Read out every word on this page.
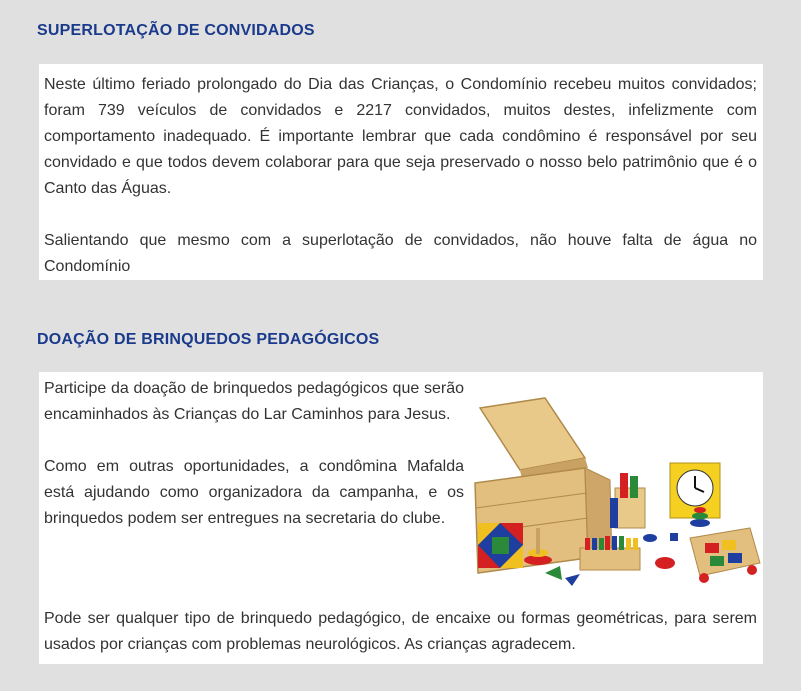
SUPERLOTAÇÃO DE CONVIDADOS

Neste último feriado prolongado do Dia das Crianças, o Condomínio recebeu muitos convidados; foram 739 veículos de convidados e 2217 convidados, muitos destes, infelizmente com comportamento inadequado. É importante lembrar que cada condômino é responsável por seu convidado e que todos devem colaborar para que seja preservado o nosso belo patrimônio que é o Canto das Águas.

Salientando que mesmo com a superlotação de convidados, não houve falta de água no Condomínio

DOAÇÃO DE BRINQUEDOS PEDAGÓGICOS

Participe da doação de brinquedos pedagógicos que serão encaminhados às Crianças do Lar Caminhos para Jesus.

Como em outras oportunidades, a condômina Mafalda está ajudando como organizadora da campanha, e os brinquedos podem ser entregues na secretaria do clube.

Pode ser qualquer tipo de brinquedo pedagógico, de encaixe ou formas geométricas, para serem usados por crianças com problemas neurológicos. As crianças agradecem.
